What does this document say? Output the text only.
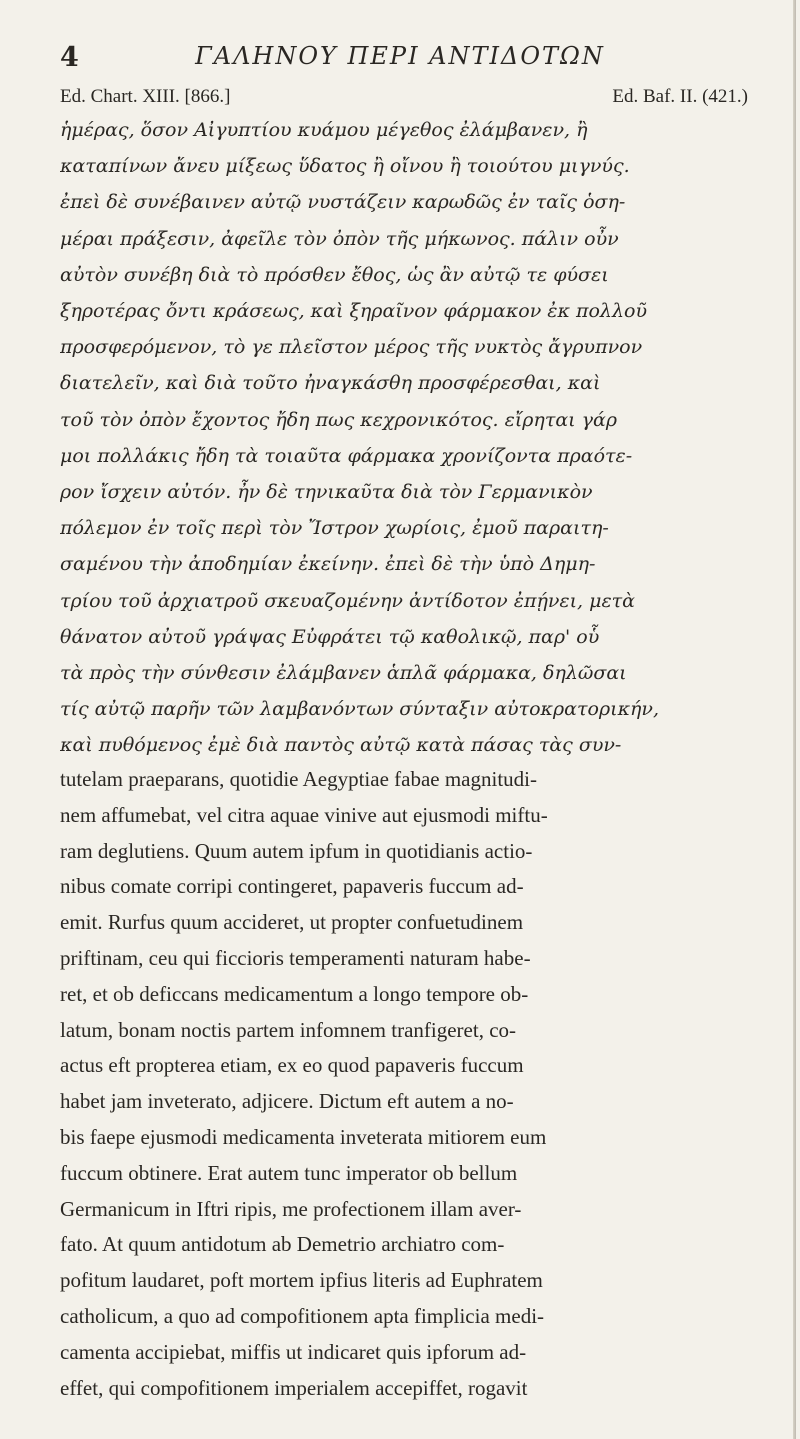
4	ΓΑΛΗΝΟΥ ΠΕΡΙ ΑΝΤΙΔΟΤΩΝ
Ed. Chart. XIII. [866.]	Ed. Baf. II. (421.)
ἡμέρας, ὅσον Αἰγυπτίου κυάμου μέγεθος ἐλάμβανεν, ἢ
καταπίνων ἄνευ μίξεως ὕδατος ἢ οἴνου ἢ τοιούτου μιγνύς.
ἐπεὶ δὲ συνέβαινεν αὐτῷ νυστάζειν καρωδῶς ἐν ταῖς ὁση-
μέραι πράξεσιν, ἀφεῖλε τὸν ὀπὸν τῆς μήκωνος. πάλιν οὖν
αὐτὸν συνέβη διὰ τὸ πρόσθεν ἔθος, ὡς ἂν αὐτῷ τε φύσει
ξηροτέρας ὄντι κράσεως, καὶ ξηραῖνον φάρμακον ἐκ πολλοῦ
προσφερόμενον, τὸ γε πλεῖστον μέρος τῆς νυκτὸς ἄγρυπνον
διατελεῖν, καὶ διὰ τοῦτο ἠναγκάσθη προσφέρεσθαι, καὶ
τοῦ τὸν ὀπὸν ἔχοντος ἤδη πως κεχρονικότος. εἴρηται γάρ
μοι πολλάκις ἤδη τὰ τοιαῦτα φάρμακα χρονίζοντα πραότε-
ρον ἴσχειν αὐτόν. ἦν δὲ τηνικαῦτα διὰ τὸν Γερμανικὸν
πόλεμον ἐν τοῖς περὶ τὸν Ἴστρον χωρίοις, ἐμοῦ παραιτη-
σαμένου τὴν ἀποδημίαν ἐκείνην. ἐπεὶ δὲ τὴν ὑπὸ Δημη-
τρίου τοῦ ἀρχιατροῦ σκευαζομένην ἀντίδοτον ἐπῄνει, μετὰ
θάνατον αὐτοῦ γράψας Εὐφράτει τῷ καθολικῷ, παρ' οὗ
τὰ πρὸς τὴν σύνθεσιν ἐλάμβανεν ἁπλᾶ φάρμακα, δηλῶσαι
τίς αὐτῷ παρῆν τῶν λαμβανόντων σύνταξιν αὐτοκρατορικήν,
καὶ πυθόμενος ἐμὲ διὰ παντὸς αὐτῷ κατὰ πάσας τὰς συν-
tutelam praeparans, quotidie Aegyptiae fabae magnitudi-
nem affumebat, vel citra aquae vinive aut ejusmodi miftu-
ram deglutiens. Quum autem ipfum in quotidianis actio-
nibus comate corripi contingeret, papaveris fuccum ad-
emit. Rurfus quum accideret, ut propter confuetudinem
priftinam, ceu qui ficcioris temperamenti naturam habe-
ret, et ob deficcans medicamentum a longo tempore ob-
latum, bonam noctis partem infomnem tranfigeret, co-
actus eft propterea etiam, ex eo quod papaveris fuccum
habet jam inveterato, adjicere. Dictum eft autem a no-
bis faepe ejusmodi medicamenta inveterata mitiorem eum
fuccum obtinere. Erat autem tunc imperator ob bellum
Germanicum in Iftri ripis, me profectionem illam aver-
fato. At quum antidotum ab Demetrio archiatro com-
pofitum laudaret, poft mortem ipfius literis ad Euphratem
catholicum, a quo ad compofitionem apta fimplicia medi-
camenta accipiebat, miffis ut indicaret quis ipforum ad-
effet, qui compofitionem imperialem accepiffet, rogavit
